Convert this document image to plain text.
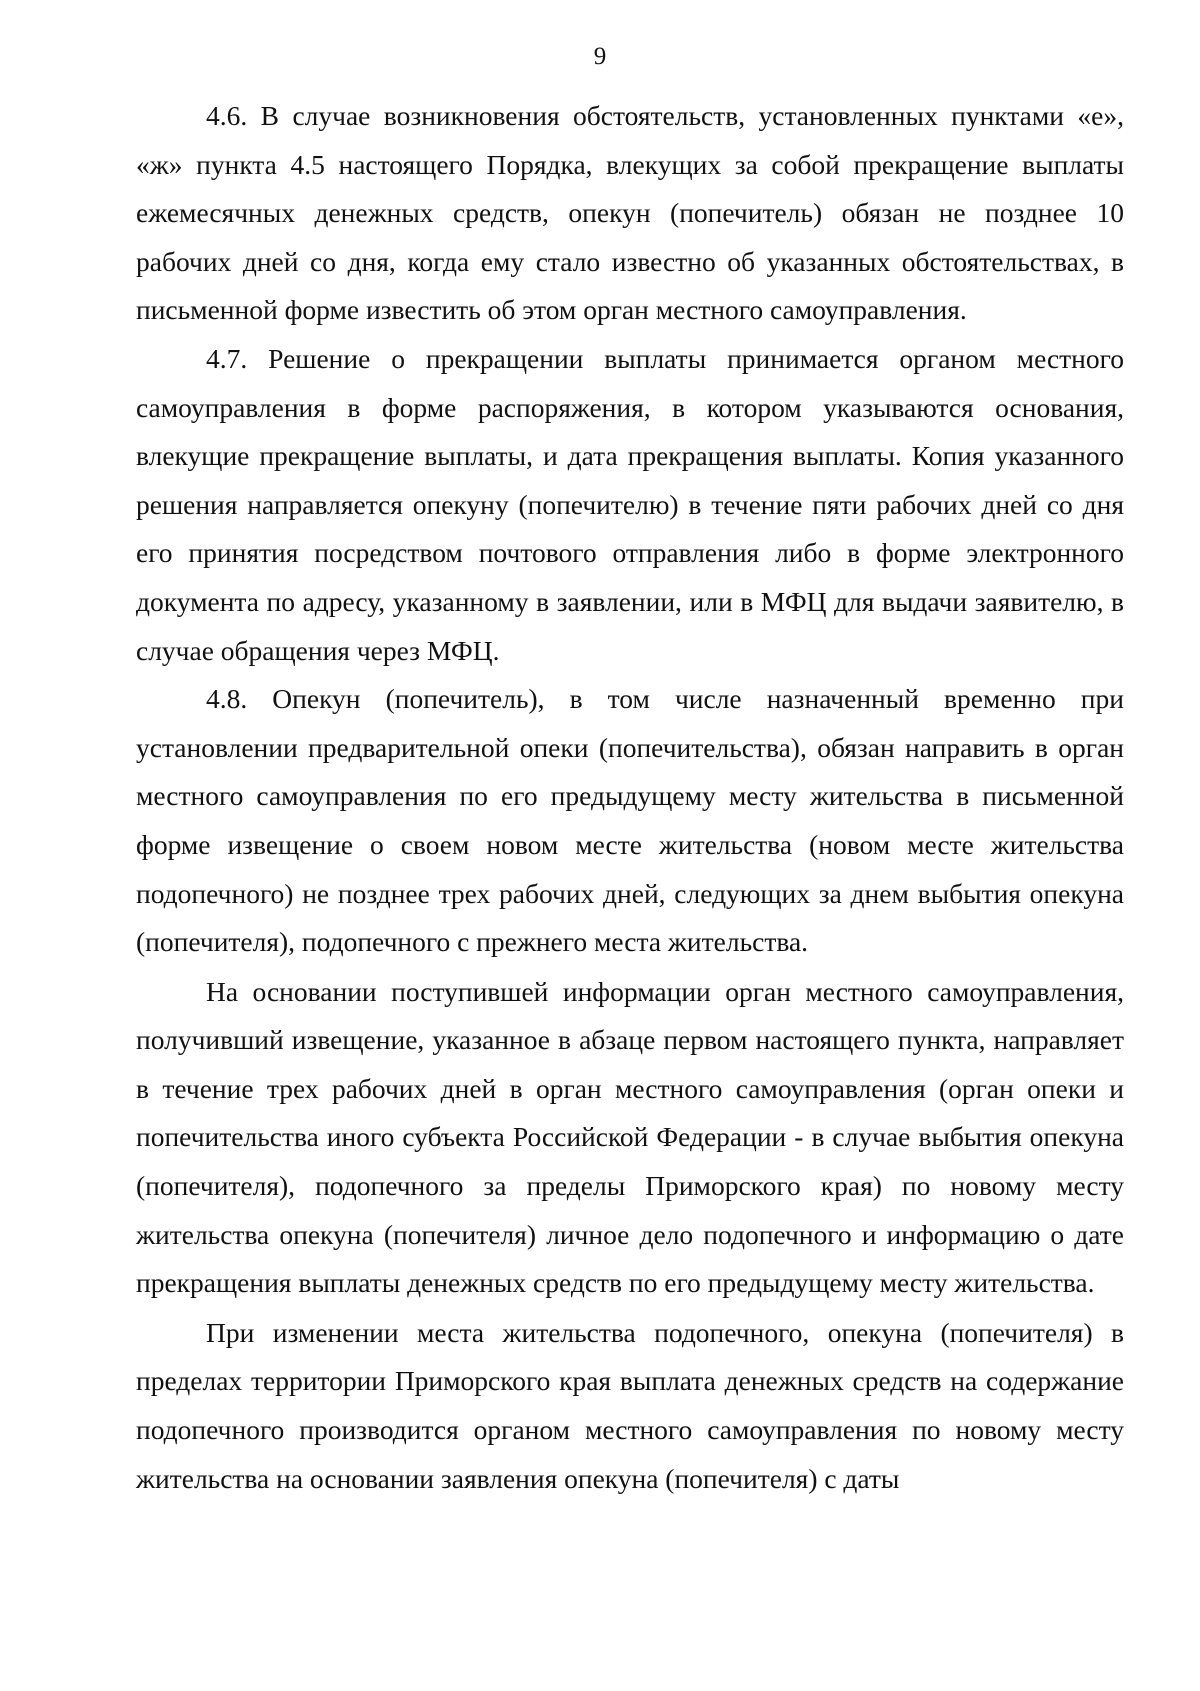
9

4.6. В случае возникновения обстоятельств, установленных пунктами «е», «ж» пункта 4.5 настоящего Порядка, влекущих за собой прекращение выплаты ежемесячных денежных средств, опекун (попечитель) обязан не позднее 10 рабочих дней со дня, когда ему стало известно об указанных обстоятельствах, в письменной форме известить об этом орган местного самоуправления.

4.7. Решение о прекращении выплаты принимается органом местного самоуправления в форме распоряжения, в котором указываются основания, влекущие прекращение выплаты, и дата прекращения выплаты. Копия указанного решения направляется опекуну (попечителю) в течение пяти рабочих дней со дня его принятия посредством почтового отправления либо в форме электронного документа по адресу, указанному в заявлении, или в МФЦ для выдачи заявителю, в случае обращения через МФЦ.

4.8. Опекун (попечитель), в том числе назначенный временно при установлении предварительной опеки (попечительства), обязан направить в орган местного самоуправления по его предыдущему месту жительства в письменной форме извещение о своем новом месте жительства (новом месте жительства подопечного) не позднее трех рабочих дней, следующих за днем выбытия опекуна (попечителя), подопечного с прежнего места жительства.

На основании поступившей информации орган местного самоуправления, получивший извещение, указанное в абзаце первом настоящего пункта, направляет в течение трех рабочих дней в орган местного самоуправления (орган опеки и попечительства иного субъекта Российской Федерации - в случае выбытия опекуна (попечителя), подопечного за пределы Приморского края) по новому месту жительства опекуна (попечителя) личное дело подопечного и информацию о дате прекращения выплаты денежных средств по его предыдущему месту жительства.

При изменении места жительства подопечного, опекуна (попечителя) в пределах территории Приморского края выплата денежных средств на содержание подопечного производится органом местного самоуправления по новому месту жительства на основании заявления опекуна (попечителя) с даты
